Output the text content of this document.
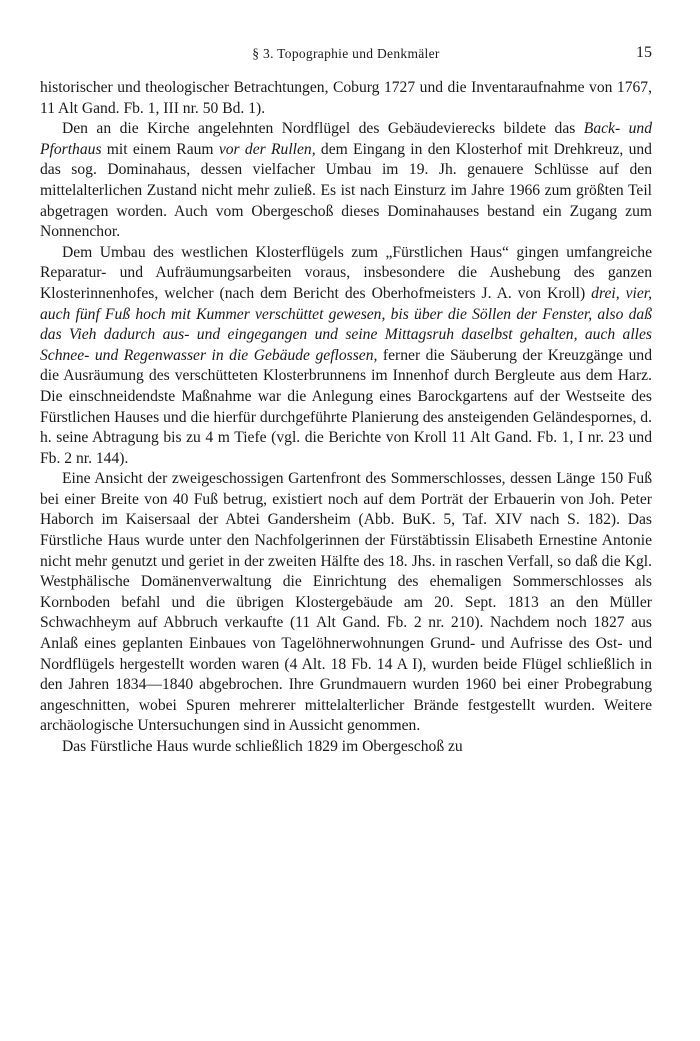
§ 3. Topographie und Denkmäler	15

historischer und theologischer Betrachtungen, Coburg 1727 und die Inventaraufnahme von 1767, 11 Alt Gand. Fb. 1, III nr. 50 Bd. 1).

Den an die Kirche angelehnten Nordflügel des Gebäudevierecks bildete das Back- und Pforthaus mit einem Raum vor der Rullen, dem Eingang in den Klosterhof mit Drehkreuz, und das sog. Dominahaus, dessen vielfacher Umbau im 19. Jh. genauere Schlüsse auf den mittelalterlichen Zustand nicht mehr zuließ. Es ist nach Einsturz im Jahre 1966 zum größten Teil abgetragen worden. Auch vom Obergeschoß dieses Dominahauses bestand ein Zugang zum Nonnenchor.

Dem Umbau des westlichen Klosterflügels zum „Fürstlichen Haus“ gingen umfangreiche Reparatur- und Aufräumungsarbeiten voraus, insbesondere die Aushebung des ganzen Klosterinnenhofes, welcher (nach dem Bericht des Oberhofmeisters J. A. von Kroll) drei, vier, auch fünf Fuß hoch mit Kummer verschüttet gewesen, bis über die Söllen der Fenster, also daß das Vieh dadurch aus- und eingegangen und seine Mittagsruh daselbst gehalten, auch alles Schnee- und Regenwasser in die Gebäude geflossen, ferner die Säuberung der Kreuzgänge und die Ausräumung des verschütteten Klosterbrunnens im Innenhof durch Bergleute aus dem Harz. Die einschneidendste Maßnahme war die Anlegung eines Barockgartens auf der Westseite des Fürstlichen Hauses und die hierfür durchgeführte Planierung des ansteigenden Geländespornes, d. h. seine Abtragung bis zu 4 m Tiefe (vgl. die Berichte von Kroll 11 Alt Gand. Fb. 1, I nr. 23 und Fb. 2 nr. 144).

Eine Ansicht der zweigeschossigen Gartenfront des Sommerschlosses, dessen Länge 150 Fuß bei einer Breite von 40 Fuß betrug, existiert noch auf dem Porträt der Erbauerin von Joh. Peter Haborch im Kaisersaal der Abtei Gandersheim (Abb. BuK. 5, Taf. XIV nach S. 182). Das Fürstliche Haus wurde unter den Nachfolgerinnen der Fürstäbtissin Elisabeth Ernestine Antonie nicht mehr genutzt und geriet in der zweiten Hälfte des 18. Jhs. in raschen Verfall, so daß die Kgl. Westphälische Domänenverwaltung die Einrichtung des ehemaligen Sommerschlosses als Kornboden befahl und die übrigen Klostergebäude am 20. Sept. 1813 an den Müller Schwachheym auf Abbruch verkaufte (11 Alt Gand. Fb. 2 nr. 210). Nachdem noch 1827 aus Anlaß eines geplanten Einbaues von Tagelöhnerwohnungen Grund- und Aufrisse des Ost- und Nordflügels hergestellt worden waren (4 Alt. 18 Fb. 14 A I), wurden beide Flügel schließlich in den Jahren 1834—1840 abgebrochen. Ihre Grundmauern wurden 1960 bei einer Probegrabung angeschnitten, wobei Spuren mehrerer mittelalterlicher Brände festgestellt wurden. Weitere archäologische Untersuchungen sind in Aussicht genommen.

Das Fürstliche Haus wurde schließlich 1829 im Obergeschoß zu
